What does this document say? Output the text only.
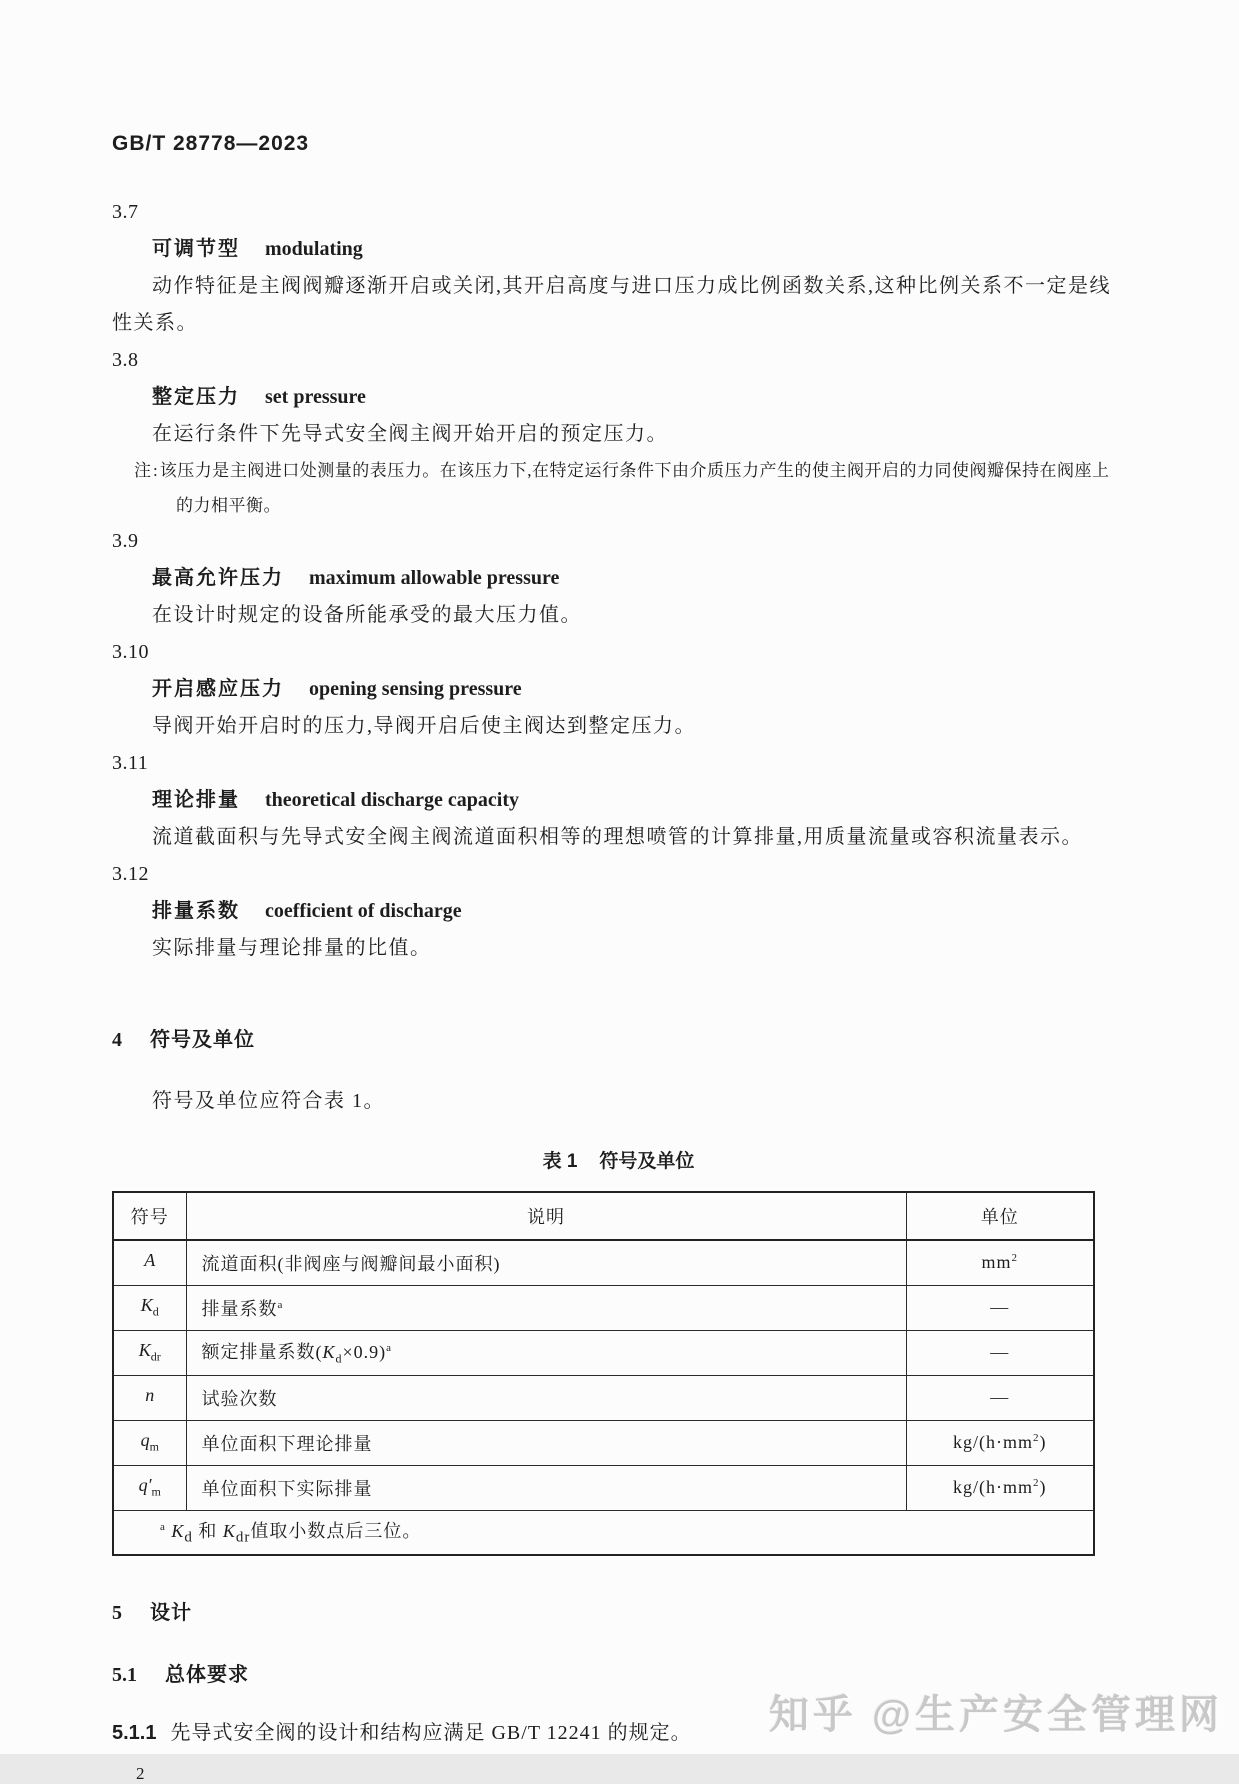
GB/T 28778—2023
3.7
可调节型 modulating

动作特征是主阀阀瓣逐渐开启或关闭,其开启高度与进口压力成比例函数关系,这种比例关系不一定是线性关系。

3.8
整定压力 set pressure

在运行条件下先导式安全阀主阀开始开启的预定压力。

注:该压力是主阀进口处测量的表压力。在该压力下,在特定运行条件下由介质压力产生的使主阀开启的力同使阀瓣保持在阀座上的力相平衡。

3.9
最高允许压力 maximum allowable pressure

在设计时规定的设备所能承受的最大压力值。

3.10
开启感应压力 opening sensing pressure

导阀开始开启时的压力,导阀开启后使主阀达到整定压力。

3.11
理论排量 theoretical discharge capacity

流道截面积与先导式安全阀主阀流道面积相等的理想喷管的计算排量,用质量流量或容积流量表示。

3.12
排量系数 coefficient of discharge

实际排量与理论排量的比值。

4 符号及单位

符号及单位应符合表 1。

表 1 符号及单位
符号	说明	单位
A	流道面积(非阀座与阀瓣间最小面积)	$mm^2$
$K_d$	排量系数$^a$	—
$K_{dr}$	额定排量系数$(K_d\times 0.9)^a$	—
n	试验次数	—
$q_m$	单位面积下理论排量	$kg/(h\cdot mm^2)$
$q'_m$	单位面积下实际排量	$kg/(h\cdot mm^2)$
$^a$ $K_d$ 和 $K_{dr}$值取小数点后三位。		
5 设计
5.1 总体要求

5.1.1 先导式安全阀的设计和结构应满足 GB/T 12241 的规定。

2
知乎 @生产安全管理网
